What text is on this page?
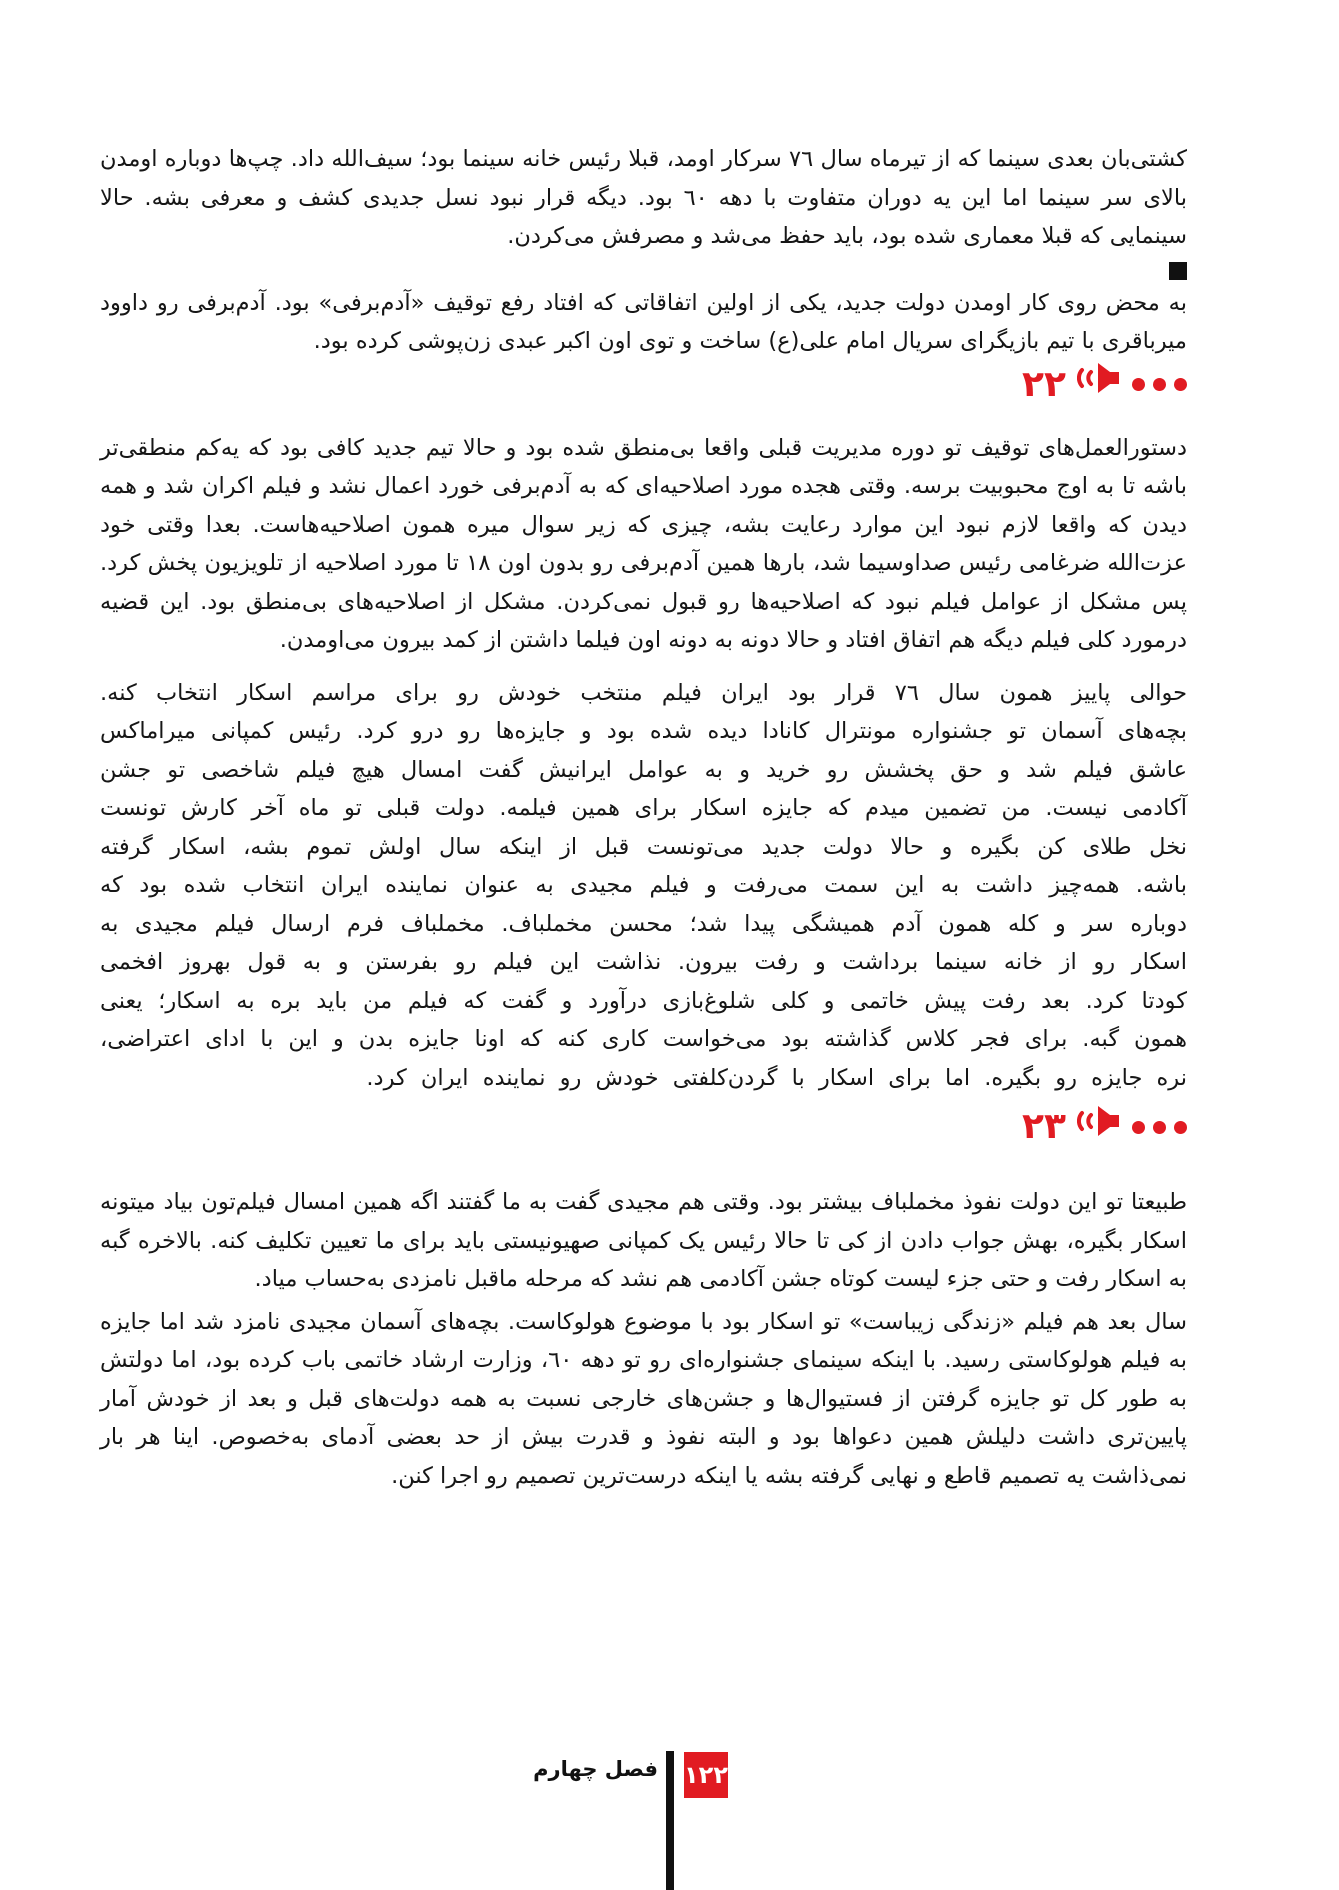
کشتی‌بان بعدی سینما که از تیرماه سال ٧٦ سرکار اومد، قبلا رئیس خانه سینما بود؛ سیف‌الله داد. چپ‌ها دوباره اومدن بالای سر سینما اما این یه دوران متفاوت با دهه ٦٠ بود. دیگه قرار نبود نسل جدیدی کشف و معرفی بشه. حالا سینمایی که قبلا معماری شده بود، باید حفظ می‌شد و مصرفش می‌کردن.

به محض روی کار اومدن دولت جدید، یکی از اولین اتفاقاتی که افتاد رفع توقیف «آدم‌برفی» بود. آدم‌برفی رو داوود میرباقری با تیم بازیگرای سریال امام علی(ع) ساخت و توی اون اکبر عبدی زن‌پوشی کرده بود.

٢٢

دستورالعمل‌های توقیف تو دوره مدیریت قبلی واقعا بی‌منطق شده بود و حالا تیم جدید کافی بود که یه‌کم منطقی‌تر باشه تا به اوج محبوبیت برسه. وقتی هجده مورد اصلاحیه‌ای که به آدم‌برفی خورد اعمال نشد و فیلم اکران شد و همه دیدن که واقعا لازم نبود این موارد رعایت بشه، چیزی که زیر سوال میره همون اصلاحیه‌هاست. بعدا وقتی خود عزت‌الله ضرغامی رئیس صداوسیما شد، بارها همین آدم‌برفی رو بدون اون ١٨ تا مورد اصلاحیه از تلویزیون پخش کرد. پس مشکل از عوامل فیلم نبود که اصلاحیه‌ها رو قبول نمی‌کردن. مشکل از اصلاحیه‌های بی‌منطق بود. این قضیه درمورد کلی فیلم دیگه هم اتفاق افتاد و حالا دونه به دونه اون فیلما داشتن از کمد بیرون می‌اومدن.

حوالی پاییز همون سال ٧٦ قرار بود ایران فیلم منتخب خودش رو برای مراسم اسکار انتخاب کنه. بچه‌های آسمان تو جشنواره مونترال کانادا دیده شده بود و جایزه‌ها رو درو کرد. رئیس کمپانی میراماکس عاشق فیلم شد و حق پخشش رو خرید و به عوامل ایرانیش گفت امسال هیچ فیلم شاخصی تو جشن آکادمی نیست. من تضمین میدم که جایزه اسکار برای همین فیلمه. دولت قبلی تو ماه آخر کارش تونست نخل طلای کن بگیره و حالا دولت جدید می‌تونست قبل از اینکه سال اولش تموم بشه، اسکار گرفته باشه. همه‌چیز داشت به این سمت می‌رفت و فیلم مجیدی به عنوان نماینده ایران انتخاب شده بود که دوباره سر و کله همون آدم همیشگی پیدا شد؛ محسن مخملباف. مخملباف فرم ارسال فیلم مجیدی به اسکار رو از خانه سینما برداشت و رفت بیرون. نذاشت این فیلم رو بفرستن و به قول بهروز افخمی کودتا کرد. بعد رفت پیش خاتمی و کلی شلوغ‌بازی درآورد و گفت که فیلم من باید بره به اسکار؛ یعنی همون گبه. برای فجر کلاس گذاشته بود می‌خواست کاری کنه که اونا جایزه بدن و این با ادای اعتراضی، نره جایزه رو بگیره. اما برای اسکار با گردن‌کلفتی خودش رو نماینده ایران کرد.

٢٣

طبیعتا تو این دولت نفوذ مخملباف بیشتر بود. وقتی هم مجیدی گفت به ما گفتند اگه همین امسال فیلم‌تون بیاد میتونه اسکار بگیره، بهش جواب دادن از کی تا حالا رئیس یک کمپانی صهیونیستی باید برای ما تعیین تکلیف کنه. بالاخره گبه به اسکار رفت و حتی جزء لیست کوتاه جشن آکادمی هم نشد که مرحله ماقبل نامزدی به‌حساب میاد.

سال بعد هم فیلم «زندگی زیباست» تو اسکار بود با موضوع هولوکاست. بچه‌های آسمان مجیدی نامزد شد اما جایزه به فیلم هولوکاستی رسید. با اینکه سینمای جشنواره‌ای رو تو دهه ٦٠، وزارت ارشاد خاتمی باب کرده بود، اما دولتش به طور کل تو جایزه گرفتن از فستیوال‌ها و جشن‌های خارجی نسبت به همه دولت‌های قبل و بعد از خودش آمار پایین‌تری داشت دلیلش همین دعواها بود و البته نفوذ و قدرت بیش از حد بعضی آدمای به‌خصوص. اینا هر بار نمی‌ذاشت یه تصمیم قاطع و نهایی گرفته بشه یا اینکه درست‌ترین تصمیم رو اجرا کنن.

فصل چهارم ١٢٢
